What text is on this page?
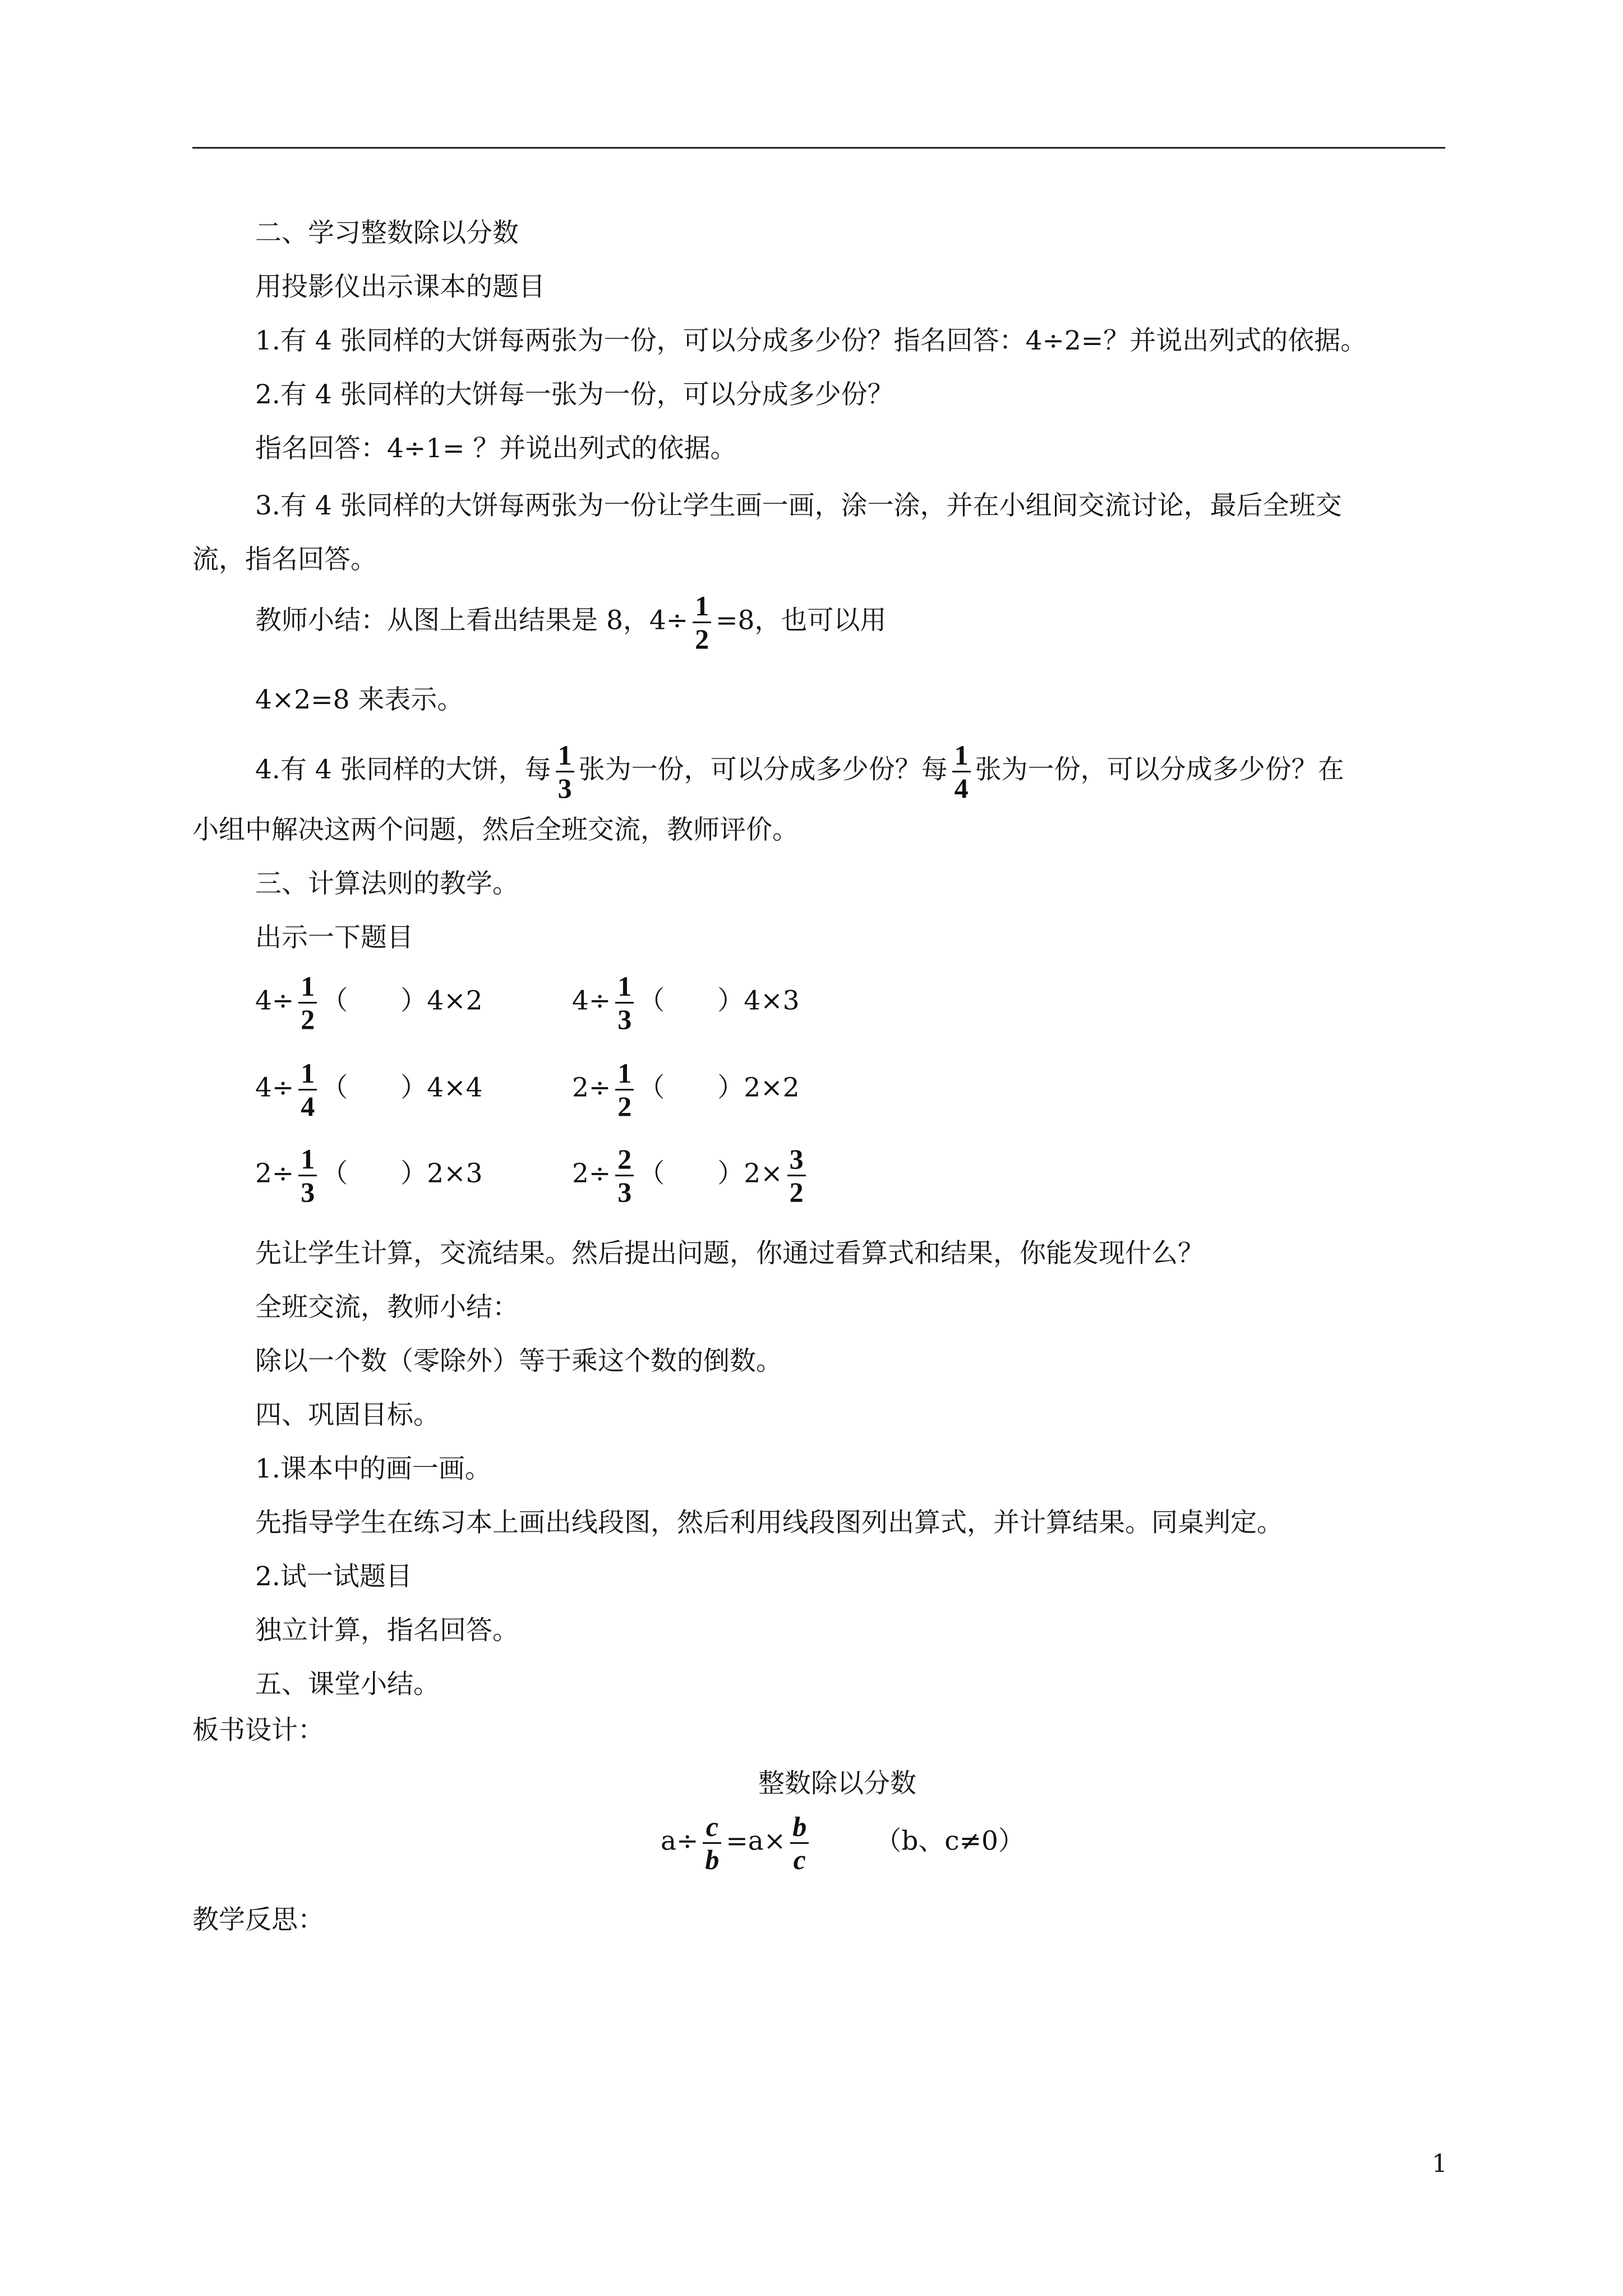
二、学习整数除以分数
用投影仪出示课本的题目
1.有 4 张同样的大饼每两张为一份，可以分成多少份？指名回答：4÷2=？并说出列式的依据。
2.有 4 张同样的大饼每一张为一份，可以分成多少份？
指名回答：4÷1= ？并说出列式的依据。
3.有 4 张同样的大饼每两张为一份让学生画一画，涂一涂，并在小组间交流讨论，最后全班交
流，指名回答。
教师小结：从图上看出结果是 8，$4\div \frac{1}{2} =8$，也可以用
4×2=8 来表示。
4.有 4 张同样的大饼，每 $\frac{1}{3}$ 张为一份，可以分成多少份？每 $\frac{1}{4}$ 张为一份，可以分成多少份？在
小组中解决这两个问题，然后全班交流，教师评价。
三、计算法则的教学。
出示一下题目
$4\div \frac{1}{2}$ （　　）4×2	$4\div \frac{1}{3}$ （　　）4×3
$4\div \frac{1}{4}$ （　　）4×4	$2\div \frac{1}{2}$ （　　）2×2
$2\div \frac{1}{3}$ （　　）2×3	$2\div \frac{2}{3}$ （　　）$2\times \frac{3}{2}$
先让学生计算，交流结果。然后提出问题，你通过看算式和结果，你能发现什么？
全班交流，教师小结：
除以一个数（零除外）等于乘这个数的倒数。
四、巩固目标。
1.课本中的画一画。
先指导学生在练习本上画出线段图，然后利用线段图列出算式，并计算结果。同桌判定。
2.试一试题目
独立计算，指名回答。
五、课堂小结。
板书设计：
整数除以分数
$a\div \frac{c}{b} =a\times \frac{b}{c}$	（b、c≠0）
教学反思：
1
